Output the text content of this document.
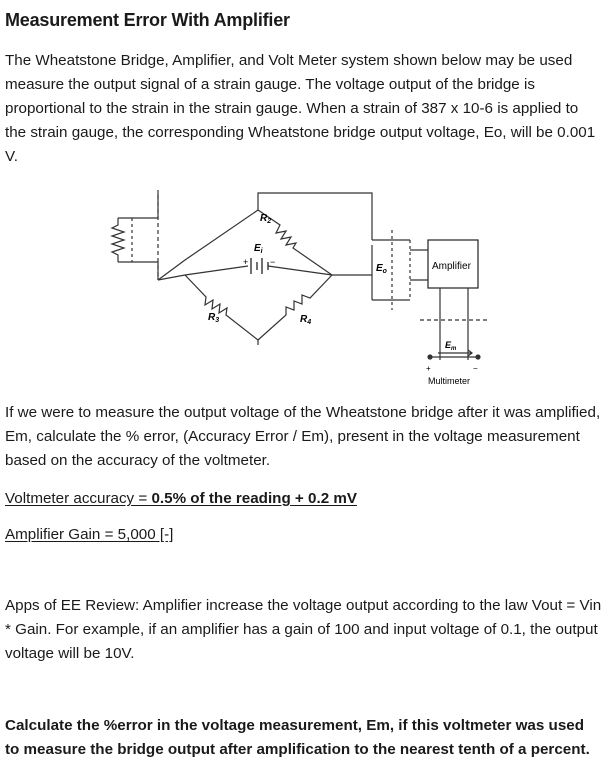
Measurement Error With Amplifier
The Wheatstone Bridge, Amplifier, and Volt Meter system shown below may be used measure the output signal of a strain gauge. The voltage output of the bridge is proportional to the strain in the strain gauge. When a strain of 387 x 10-6 is applied to the strain gauge, the corresponding Wheatstone bridge output voltage, Eo, will be 0.001 V.
$R_2$
$R_3$	$R_4$
$E_i$
+ −
$E_o$	Amplifier
$E_m$
+	−
Multimeter
If we were to measure the output voltage of the Wheatstone bridge after it was amplified, Em, calculate the % error, (Accuracy Error / Em), present in the voltage measurement based on the accuracy of the voltmeter.
Voltmeter accuracy = 0.5% of the reading + 0.2 mV
Amplifier Gain = 5,000 [-]
Apps of EE Review: Amplifier increase the voltage output according to the law Vout = Vin * Gain. For example, if an amplifier has a gain of 100 and input voltage of 0.1, the output voltage will be 10V.
Calculate the %error in the voltage measurement, Em, if this voltmeter was used to measure the bridge output after amplification to the nearest tenth of a percent.
